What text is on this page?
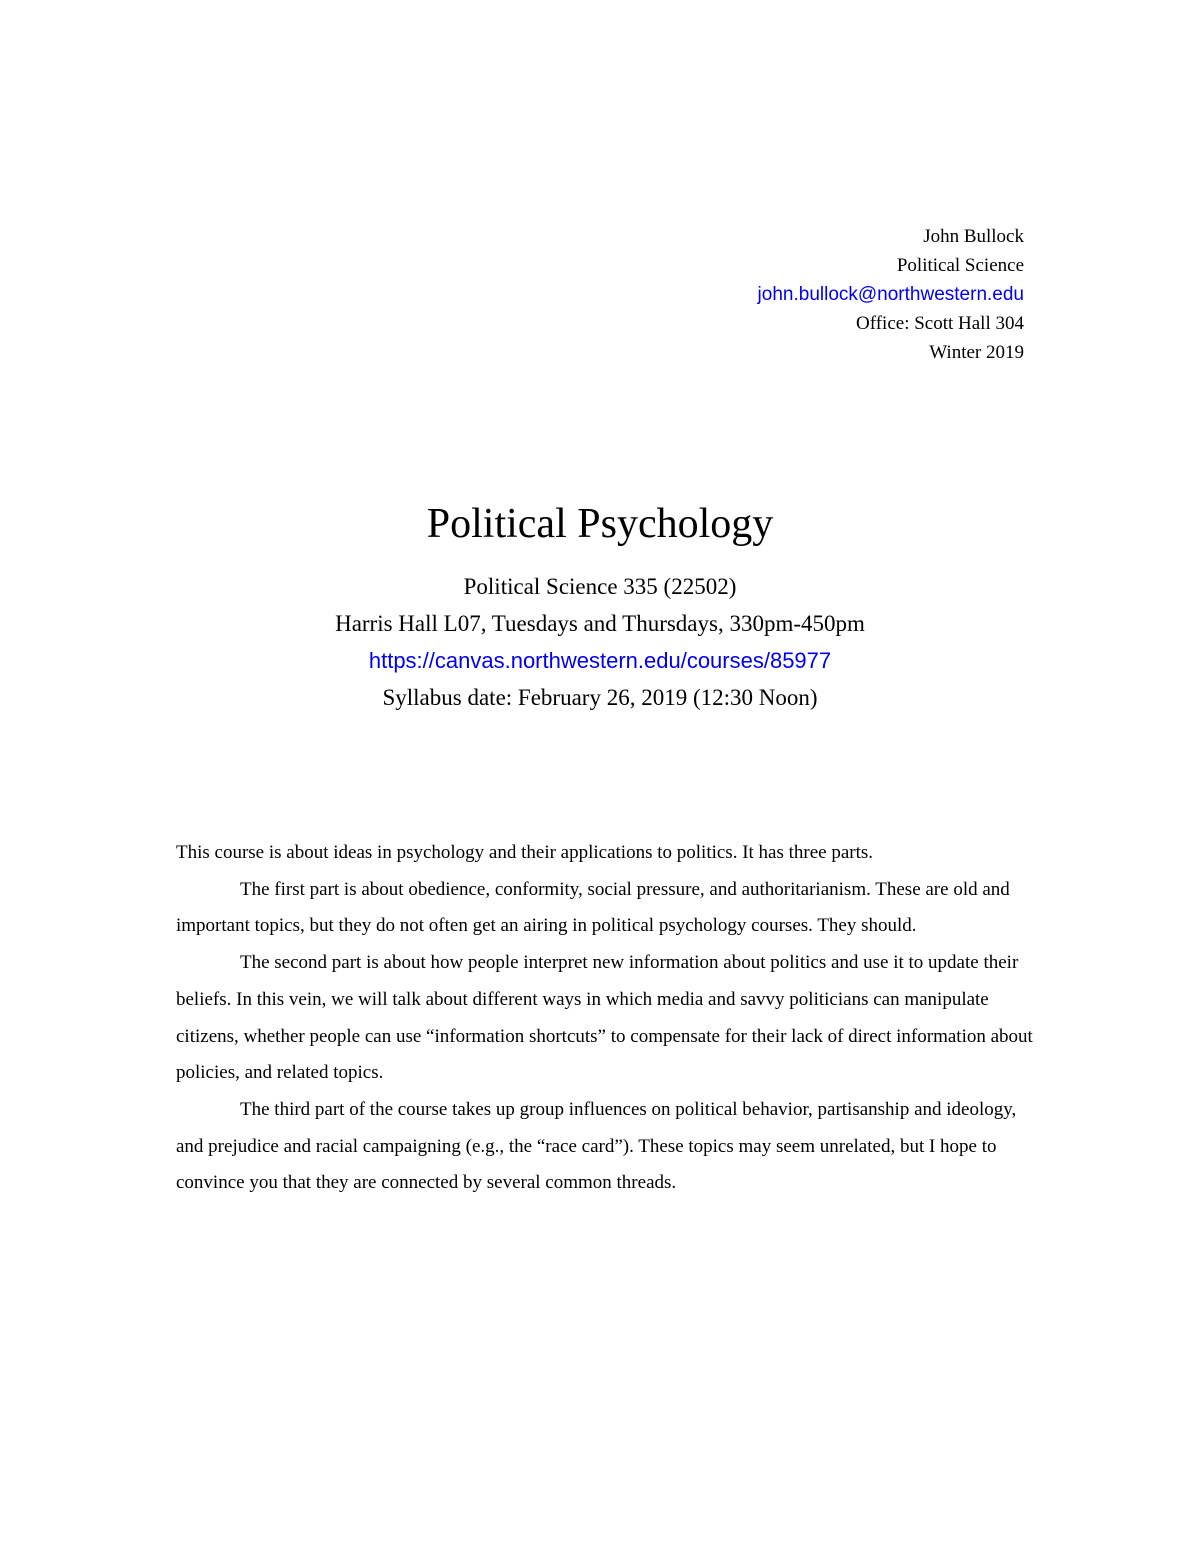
John Bullock
Political Science
john.bullock@northwestern.edu
Office: Scott Hall 304
Winter 2019
Political Psychology
Political Science 335 (22502)
Harris Hall L07, Tuesdays and Thursdays, 330pm-450pm
https://canvas.northwestern.edu/courses/85977
Syllabus date: February 26, 2019 (12:30 Noon)

This course is about ideas in psychology and their applications to politics. It has three parts.

The first part is about obedience, conformity, social pressure, and authoritarianism. These are old and important topics, but they do not often get an airing in political psychology courses. They should.

The second part is about how people interpret new information about politics and use it to update their beliefs. In this vein, we will talk about different ways in which media and savvy politicians can manipulate citizens, whether people can use “information shortcuts” to compensate for their lack of direct information about policies, and related topics.

The third part of the course takes up group influences on political behavior, partisanship and ideology, and prejudice and racial campaigning (e.g., the “race card”). These topics may seem unrelated, but I hope to convince you that they are connected by several common threads.
